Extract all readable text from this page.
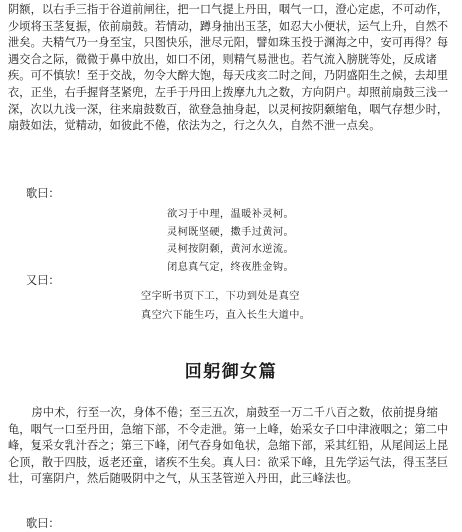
阴额，以右手三指于谷道前闸往，把一口气提上丹田，咽气一口，澄心定虑，不可动作，少顷将玉茎复振，依前扇鼓。若情动，蹲身抽出玉茎，如忍大小便状，运气上升，自然不泄矣。夫精气乃一身至宝，只图快乐，泄尽元阳，譬如珠玉投于渊海之中，安可再得？每遇交合之际，微微于鼻中放出，如口不闭，则精气易泄也。若气流入膀胱等处，反成诸疾。可不慎欤！至于交战，勿令大醉大饱，每天戌亥二时之间，乃阴盛阳生之候，去却里衣，正坐，右手握肾茎紧兜，左手于丹田上拨摩九九之数，方向阴户。却照前扇鼓三浅一深，次以九浅一深，往来扇鼓数百，欲登急抽身起，以灵柯按阴颡缩龟，咽气存想少时，扇鼓如法，觉精动，如彼此不倦，依法为之，行之久久，自然不泄一点矣。

歌曰：
欲习于中理，温暖补灵柯。
灵柯既坚硬，擞手过黄河。
灵柯按阴颡，黄河水逆流。
闭息真气定，终夜胜金钩。
又曰：
空字昕书页下工，下功到处是真空
真空穴下能生巧，直入长生大道中。
回躬御女篇

房中术，行至一次，身体不倦；至三五次，扇鼓至一万二千八百之数，依前提身缩龟，咽气一口至丹田，急缩下部，不令走泄。第一上峰，始采女子口中津液咽之；第二中峰，复采女乳汁吞之；第三下峰，闭气吞身如龟状，急缩下部，采其红铅，从尾闾运上昆仑顶，散于四肢，返老还童，诸疾不生矣。真人曰：欲采下峰，且先学运气法，得玉茎巨壮，可塞阴户，然后随吸阴中之气，从玉茎管逆入丹田，此三峰法也。

歌曰：
